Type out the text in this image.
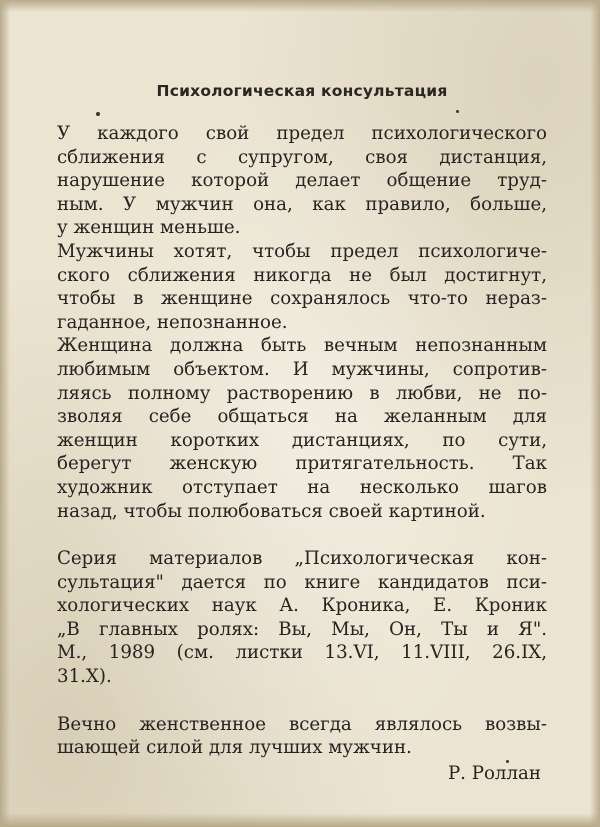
Психологическая консультация
У каждого свой предел психологического
сближения с супругом, своя дистанция,
нарушение которой делает общение труд-
ным. У мужчин она, как правило, больше,
у женщин меньше.
Мужчины хотят, чтобы предел психологиче-
ского сближения никогда не был достигнут,
чтобы в женщине сохранялось что-то нераз-
гаданное, непознанное.
Женщина должна быть вечным непознанным
любимым объектом. И мужчины, сопротив-
ляясь полному растворению в любви, не по-
зволяя себе общаться на желанным для
женщин коротких дистанциях, по сути,
берегут женскую притягательность. Так
художник отступает на несколько шагов
назад, чтобы полюбоваться своей картиной.
Серия материалов „Психологическая кон-
сультация" дается по книге кандидатов пси-
хологических наук А. Кроника, Е. Кроник
„В главных ролях: Вы, Мы, Он, Ты и Я".
М., 1989 (см. листки 13.VI, 11.VIII, 26.IX,
31.X).
Вечно женственное всегда являлось возвы-
шающей силой для лучших мужчин.
Р. Роллан
